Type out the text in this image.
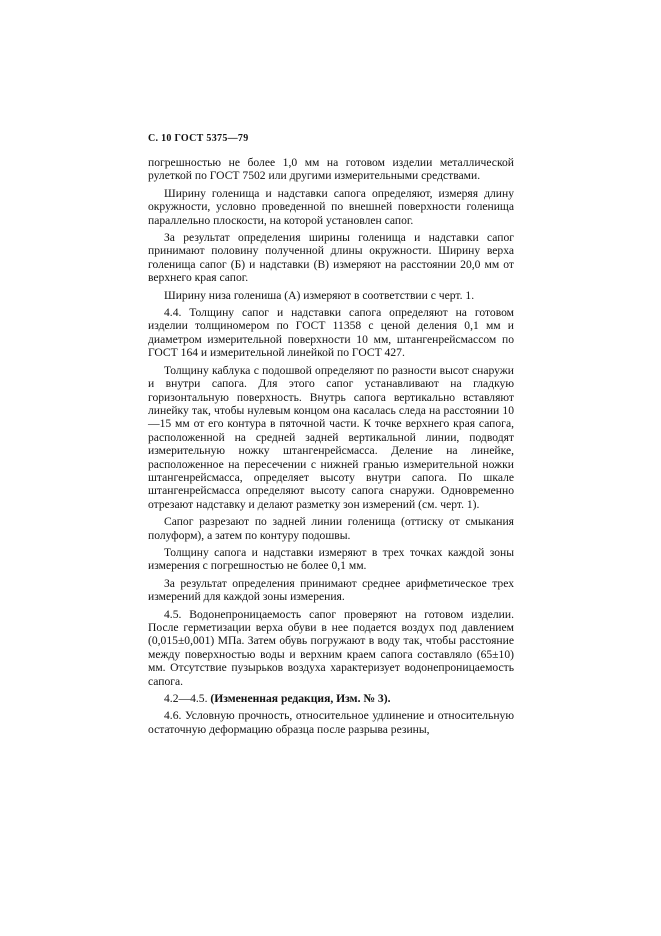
С. 10 ГОСТ 5375—79

погрешностью не более 1,0 мм на готовом изделии металлической рулеткой по ГОСТ 7502 или другими измерительными средствами.

Ширину голенища и надставки сапога определяют, измеряя длину окружности, условно проведенной по внешней поверхности голенища параллельно плоскости, на которой установлен сапог.

За результат определения ширины голенища и надставки сапог принимают половину полученной длины окружности. Ширину верха голенища сапог (Б) и надставки (В) измеряют на расстоянии 20,0 мм от верхнего края сапог.

Ширину низа голениша (А) измеряют в соответствии с черт. 1.

4.4. Толщину сапог и надставки сапога определяют на готовом изделии толщиномером по ГОСТ 11358 с ценой деления 0,1 мм и диаметром измерительной поверхности 10 мм, штангенрейсмассом по ГОСТ 164 и измерительной линейкой по ГОСТ 427.

Толщину каблука с подошвой определяют по разности высот снаружи и внутри сапога. Для этого сапог устанавливают на гладкую горизонтальную поверхность. Внутрь сапога вертикально вставляют линейку так, чтобы нулевым концом она касалась следа на расстоянии 10—15 мм от его контура в пяточной части. К точке верхнего края сапога, расположенной на средней задней вертикальной линии, подводят измерительную ножку штангенрейсмасса. Деление на линейке, расположенное на пересечении с нижней гранью измерительной ножки штангенрейсмасса, определяет высоту внутри сапога. По шкале штангенрейсмасса определяют высоту сапога снаружи. Одновременно отрезают надставку и делают разметку зон измерений (см. черт. 1).

Сапог разрезают по задней линии голенища (оттиску от смыкания полуформ), а затем по контуру подошвы.

Толщину сапога и надставки измеряют в трех точках каждой зоны измерения с погрешностью не более 0,1 мм.

За результат определения принимают среднее арифметическое трех измерений для каждой зоны измерения.

4.5. Водонепроницаемость сапог проверяют на готовом изделии. После герметизации верха обуви в нее подается воздух под давлением (0,015±0,001) МПа. Затем обувь погружают в воду так, чтобы расстояние между поверхностью воды и верхним краем сапога составляло (65±10) мм. Отсутствие пузырьков воздуха характеризует водонепроницаемость сапога.

4.2—4.5. (Измененная редакция, Изм. № 3).

4.6. Условную прочность, относительное удлинение и относительную остаточную деформацию образца после разрыва резины,
